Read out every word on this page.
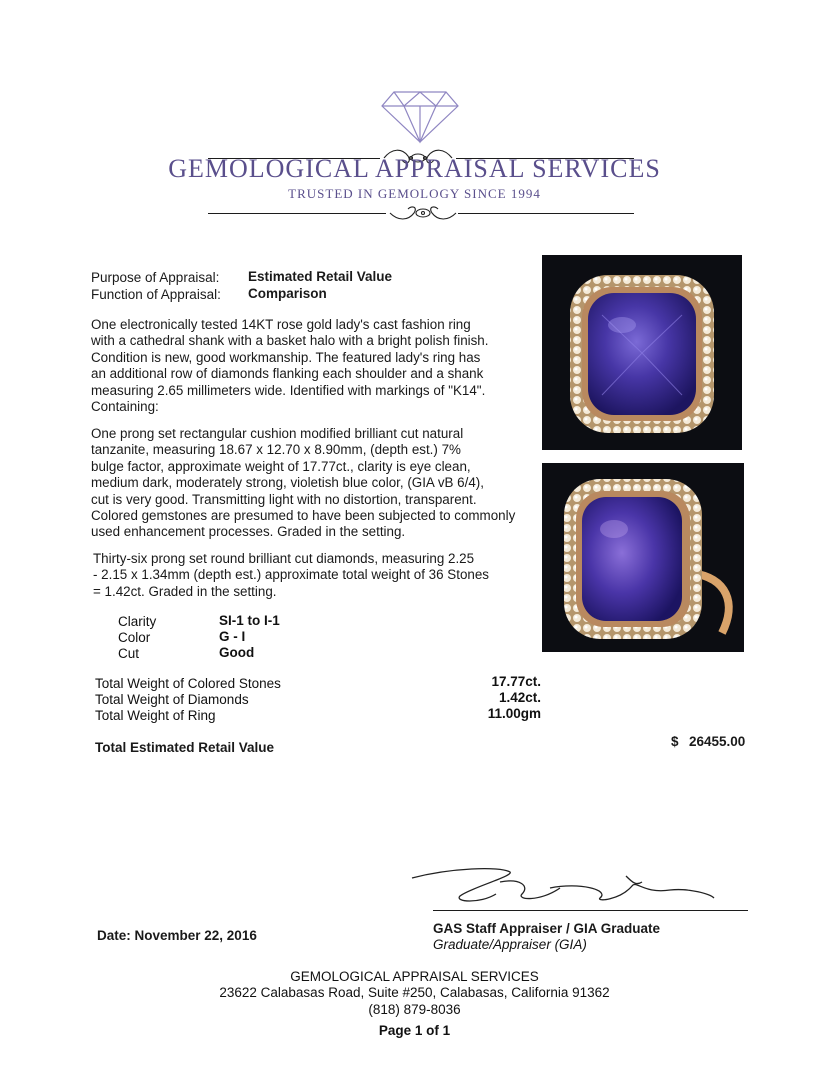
GEMOLOGICAL APPRAISAL SERVICES
TRUSTED IN GEMOLOGY SINCE 1994
Purpose of Appraisal: Estimated Retail Value
Function of Appraisal: Comparison
One electronically tested 14KT rose gold lady's cast fashion ring
with a cathedral shank with a basket halo with a bright polish finish.
Condition is new, good workmanship. The featured lady's ring has
an additional row of diamonds flanking each shoulder and a shank
measuring 2.65 millimeters wide. Identified with markings of "K14".
Containing:
One prong set rectangular cushion modified brilliant cut natural
tanzanite, measuring 18.67 x 12.70 x 8.90mm, (depth est.) 7%
bulge factor, approximate weight of 17.77ct., clarity is eye clean,
medium dark, moderately strong, violetish blue color, (GIA vB 6/4),
cut is very good. Transmitting light with no distortion, transparent.
Colored gemstones are presumed to have been subjected to commonly
used enhancement processes. Graded in the setting.
Thirty-six prong set round brilliant cut diamonds, measuring 2.25
- 2.15 x 1.34mm (depth est.) approximate total weight of 36 Stones
= 1.42ct. Graded in the setting.
Clarity	SI-1 to I-1
Color	G - I
Cut	Good
Total Weight of Colored Stones	17.77ct.
Total Weight of Diamonds	1.42ct.
Total Weight of Ring	11.00gm
Total Estimated Retail Value	$ 26455.00
Date: November 22, 2016	GAS Staff Appraiser / GIA Graduate
Graduate/Appraiser (GIA)
GEMOLOGICAL APPRAISAL SERVICES
23622 Calabasas Road, Suite #250, Calabasas, California 91362
(818) 879-8036
Page 1 of 1
